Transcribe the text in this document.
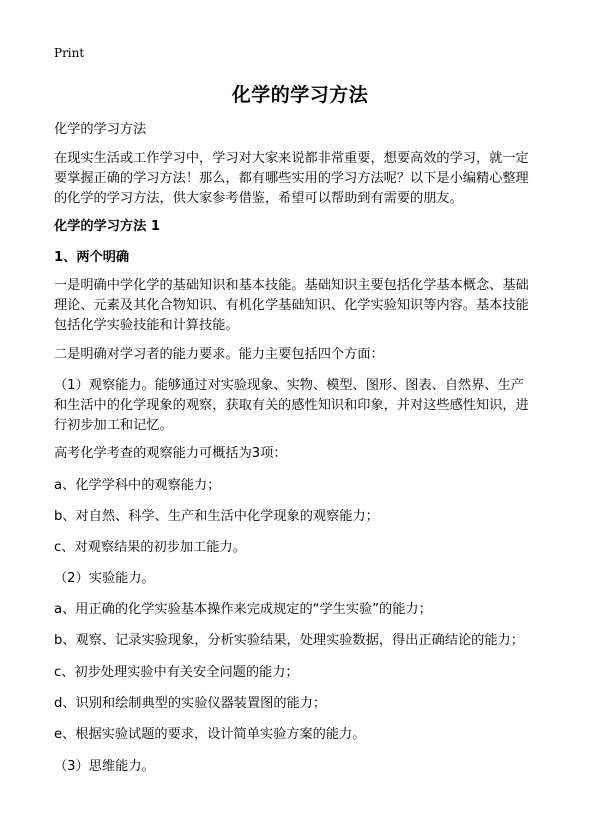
Print
化学的学习方法
化学的学习方法
在现实生活或工作学习中，学习对大家来说都非常重要，想要高效的学习，就一定
要掌握正确的学习方法！那么，都有哪些实用的学习方法呢？以下是小编精心整理
的化学的学习方法，供大家参考借鉴，希望可以帮助到有需要的朋友。
化学的学习方法 1
1、两个明确
一是明确中学化学的基础知识和基本技能。基础知识主要包括化学基本概念、基础
理论、元素及其化合物知识、有机化学基础知识、化学实验知识等内容。基本技能
包括化学实验技能和计算技能。
二是明确对学习者的能力要求。能力主要包括四个方面：
（1）观察能力。能够通过对实验现象、实物、模型、图形、图表、自然界、生产
和生活中的化学现象的观察，获取有关的感性知识和印象，并对这些感性知识，进
行初步加工和记忆。
高考化学考查的观察能力可概括为3项：
a、化学学科中的观察能力；
b、对自然、科学、生产和生活中化学现象的观察能力；
c、对观察结果的初步加工能力。
（2）实验能力。
a、用正确的化学实验基本操作来完成规定的“学生实验”的能力；
b、观察、记录实验现象，分析实验结果，处理实验数据，得出正确结论的能力；
c、初步处理实验中有关安全问题的能力；
d、识别和绘制典型的实验仪器装置图的能力；
e、根据实验试题的要求，设计简单实验方案的能力。
（3）思维能力。
